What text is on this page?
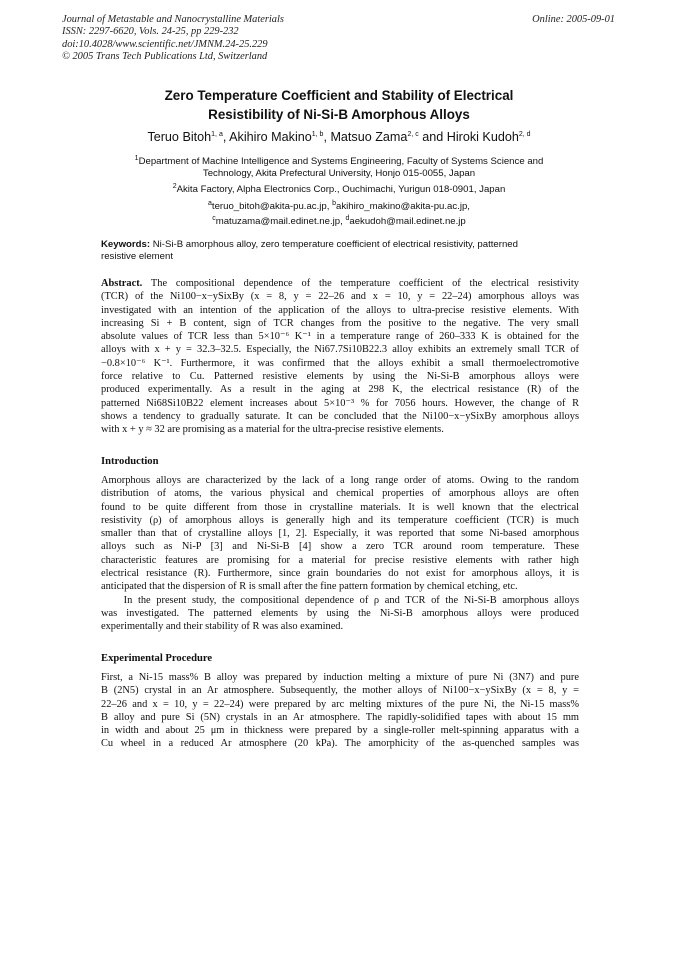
Journal of Metastable and Nanocrystalline Materials
ISSN: 2297-6620, Vols. 24-25, pp 229-232
doi:10.4028/www.scientific.net/JMNM.24-25.229
© 2005 Trans Tech Publications Ltd, Switzerland
Online: 2005-09-01
Zero Temperature Coefficient and Stability of Electrical
Resistibility of Ni-Si-B Amorphous Alloys
Teruo Bitoh$^{1, a}$, Akihiro Makino$^{1, b}$, Matsuo Zama$^{2, c}$ and Hiroki Kudoh$^{2, d}$
$^1$Department of Machine Intelligence and Systems Engineering, Faculty of Systems Science and
Technology, Akita Prefectural University, Honjo 015-0055, Japan
$^2$Akita Factory, Alpha Electronics Corp., Ouchimachi, Yurigun 018-0901, Japan
$^a$teruo_bitoh@akita-pu.ac.jp, $^b$akihiro_makino@akita-pu.ac.jp,
$^c$matuzama@mail.edinet.ne.jp, $^d$aekudoh@mail.edinet.ne.jp
Keywords: Ni-Si-B amorphous alloy, zero temperature coefficient of electrical resistivity, patterned
resistive element
Abstract. The compositional dependence of the temperature coefficient of the electrical resistivity
(TCR) of the Ni100−x−ySixBy (x = 8, y = 22–26 and x = 10, y = 22–24) amorphous alloys was
investigated with an intention of the application of the alloys to ultra-precise resistive elements. With
increasing Si + B content, sign of TCR changes from the positive to the negative. The very small
absolute values of TCR less than 5×10⁻⁶ K⁻¹ in a temperature range of 260–333 K is obtained for the
alloys with x + y = 32.3–32.5. Especially, the Ni67.7Si10B22.3 alloy exhibits an extremely small TCR of
−0.8×10⁻⁶ K⁻¹. Furthermore, it was confirmed that the alloys exhibit a small thermoelectromotive
force relative to Cu. Patterned resistive elements by using the Ni-Si-B amorphous alloys were
produced experimentally. As a result in the aging at 298 K, the electrical resistance (R) of the
patterned Ni68Si10B22 element increases about 5×10⁻³ % for 7056 hours. However, the change of R
shows a tendency to gradually saturate. It can be concluded that the Ni100−x−ySixBy amorphous alloys
with x + y ≈ 32 are promising as a material for the ultra-precise resistive elements.
Introduction
Amorphous alloys are characterized by the lack of a long range order of atoms. Owing to the random
distribution of atoms, the various physical and chemical properties of amorphous alloys are often
found to be quite different from those in crystalline materials. It is well known that the electrical
resistivity (ρ) of amorphous alloys is generally high and its temperature coefficient (TCR) is much
smaller than that of crystalline alloys [1, 2]. Especially, it was reported that some Ni-based amorphous
alloys such as Ni-P [3] and Ni-Si-B [4] show a zero TCR around room temperature. These
characteristic features are promising for a material for precise resistive elements with rather high
electrical resistance (R). Furthermore, since grain boundaries do not exist for amorphous alloys, it is
anticipated that the dispersion of R is small after the fine pattern formation by chemical etching, etc.
In the present study, the compositional dependence of ρ and TCR of the Ni-Si-B amorphous alloys
was investigated. The patterned elements by using the Ni-Si-B amorphous alloys were produced
experimentally and their stability of R was also examined.
Experimental Procedure
First, a Ni-15 mass% B alloy was prepared by induction melting a mixture of pure Ni (3N7) and pure
B (2N5) crystal in an Ar atmosphere. Subsequently, the mother alloys of Ni100−x−ySixBy (x = 8, y =
22–26 and x = 10, y = 22–24) were prepared by arc melting mixtures of the pure Ni, the Ni-15 mass%
B alloy and pure Si (5N) crystals in an Ar atmosphere. The rapidly-solidified tapes with about 15 mm
in width and about 25 μm in thickness were prepared by a single-roller melt-spinning apparatus with a
Cu wheel in a reduced Ar atmosphere (20 kPa). The amorphicity of the as-quenched samples was
